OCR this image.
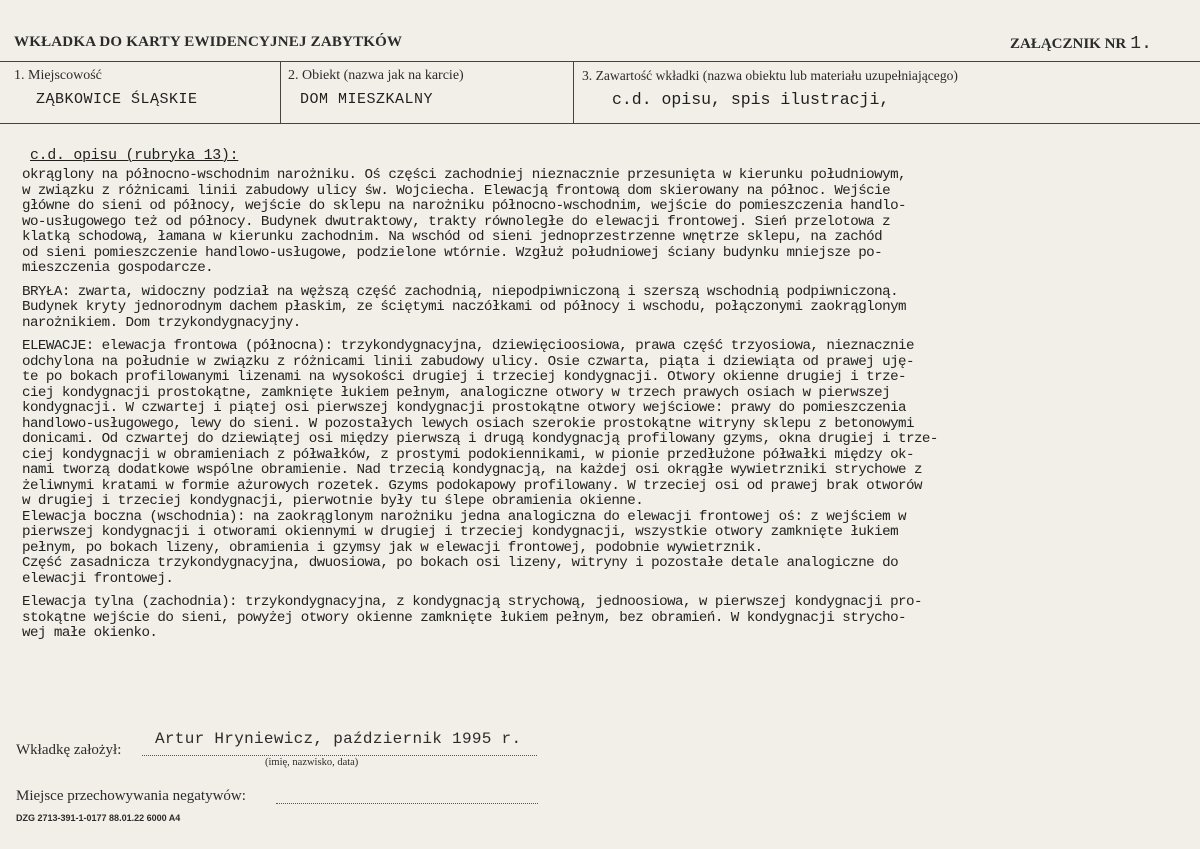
WKŁADKA DO KARTY EWIDENCYJNEJ ZABYTKÓW	ZAŁĄCZNIK NR 1.
1. Miejscowość
ZĄBKOWICE ŚLĄSKIE
2. Obiekt (nazwa jak na karcie)
DOM MIESZKALNY
3. Zawartość wkładki (nazwa obiektu lub materiału uzupełniającego)
c.d. opisu, spis ilustracji,
c.d. opisu (rubryka 13):
okrąglony na północno-wschodnim narożniku. Oś części zachodniej nieznacznie przesunięta w kierunku południowym,
w związku z różnicami linii zabudowy ulicy św. Wojciecha. Elewacją frontową dom skierowany na północ. Wejście
główne do sieni od północy, wejście do sklepu na narożniku północno-wschodnim, wejście do pomieszczenia handlo-
wo-usługowego też od północy. Budynek dwutraktowy, trakty równoległe do elewacji frontowej. Sień przelotowa z
klatką schodową, łamana w kierunku zachodnim. Na wschód od sieni jednoprzestrzenne wnętrze sklepu, na zachód
od sieni pomieszczenie handlowo-usługowe, podzielone wtórnie. Wzgłuż południowej ściany budynku mniejsze po-
mieszczenia gospodarcze.
BRYŁA: zwarta, widoczny podział na węższą część zachodnią, niepodpiwniczoną i szerszą wschodnią podpiwniczoną.
Budynek kryty jednorodnym dachem płaskim, ze ściętymi naczółkami od północy i wschodu, połączonymi zaokrąglonym
narożnikiem. Dom trzykondygnacyjny.
ELEWACJE: elewacja frontowa (północna): trzykondygnacyjna, dziewięcioosiowa, prawa część trzyosiowa, nieznacznie
odchylona na południe w związku z różnicami linii zabudowy ulicy. Osie czwarta, piąta i dziewiąta od prawej uję-
te po bokach profilowanymi lizenami na wysokości drugiej i trzeciej kondygnacji. Otwory okienne drugiej i trze-
ciej kondygnacji prostokątne, zamknięte łukiem pełnym, analogiczne otwory w trzech prawych osiach w pierwszej
kondygnacji. W czwartej i piątej osi pierwszej kondygnacji prostokątne otwory wejściowe: prawy do pomieszczenia
handlowo-usługowego, lewy do sieni. W pozostałych lewych osiach szerokie prostokątne witryny sklepu z betonowymi
donicami. Od czwartej do dziewiątej osi między pierwszą i drugą kondygnacją profilowany gzyms, okna drugiej i trze-
ciej kondygnacji w obramieniach z półwałków, z prostymi podokiennikami, w pionie przedłużone półwałki między ok-
nami tworzą dodatkowe wspólne obramienie. Nad trzecią kondygnacją, na każdej osi okrągłe wywietrzniki strychowe z
żeliwnymi kratami w formie ażurowych rozetek. Gzyms podokapowy profilowany. W trzeciej osi od prawej brak otworów
w drugiej i trzeciej kondygnacji, pierwotnie były tu ślepe obramienia okienne.
Elewacja boczna (wschodnia): na zaokrąglonym narożniku jedna analogiczna do elewacji frontowej oś: z wejściem w
pierwszej kondygnacji i otworami okiennymi w drugiej i trzeciej kondygnacji, wszystkie otwory zamknięte łukiem
pełnym, po bokach lizeny, obramienia i gzymsy jak w elewacji frontowej, podobnie wywietrznik.
Część zasadnicza trzykondygnacyjna, dwuosiowa, po bokach osi lizeny, witryny i pozostałe detale analogiczne do
elewacji frontowej.
Elewacja tylna (zachodnia): trzykondygnacyjna, z kondygnacją strychową, jednoosiowa, w pierwszej kondygnacji pro-
stokątne wejście do sieni, powyżej otwory okienne zamknięte łukiem pełnym, bez obramień. W kondygnacji strycho-
wej małe okienko.
Wkładkę założył:
Artur Hryniewicz, październik 1995 r.
(imię, nazwisko, data)
Miejsce przechowywania negatywów:
DZG 2713-391-1-0177 88.01.22 6000 A4
